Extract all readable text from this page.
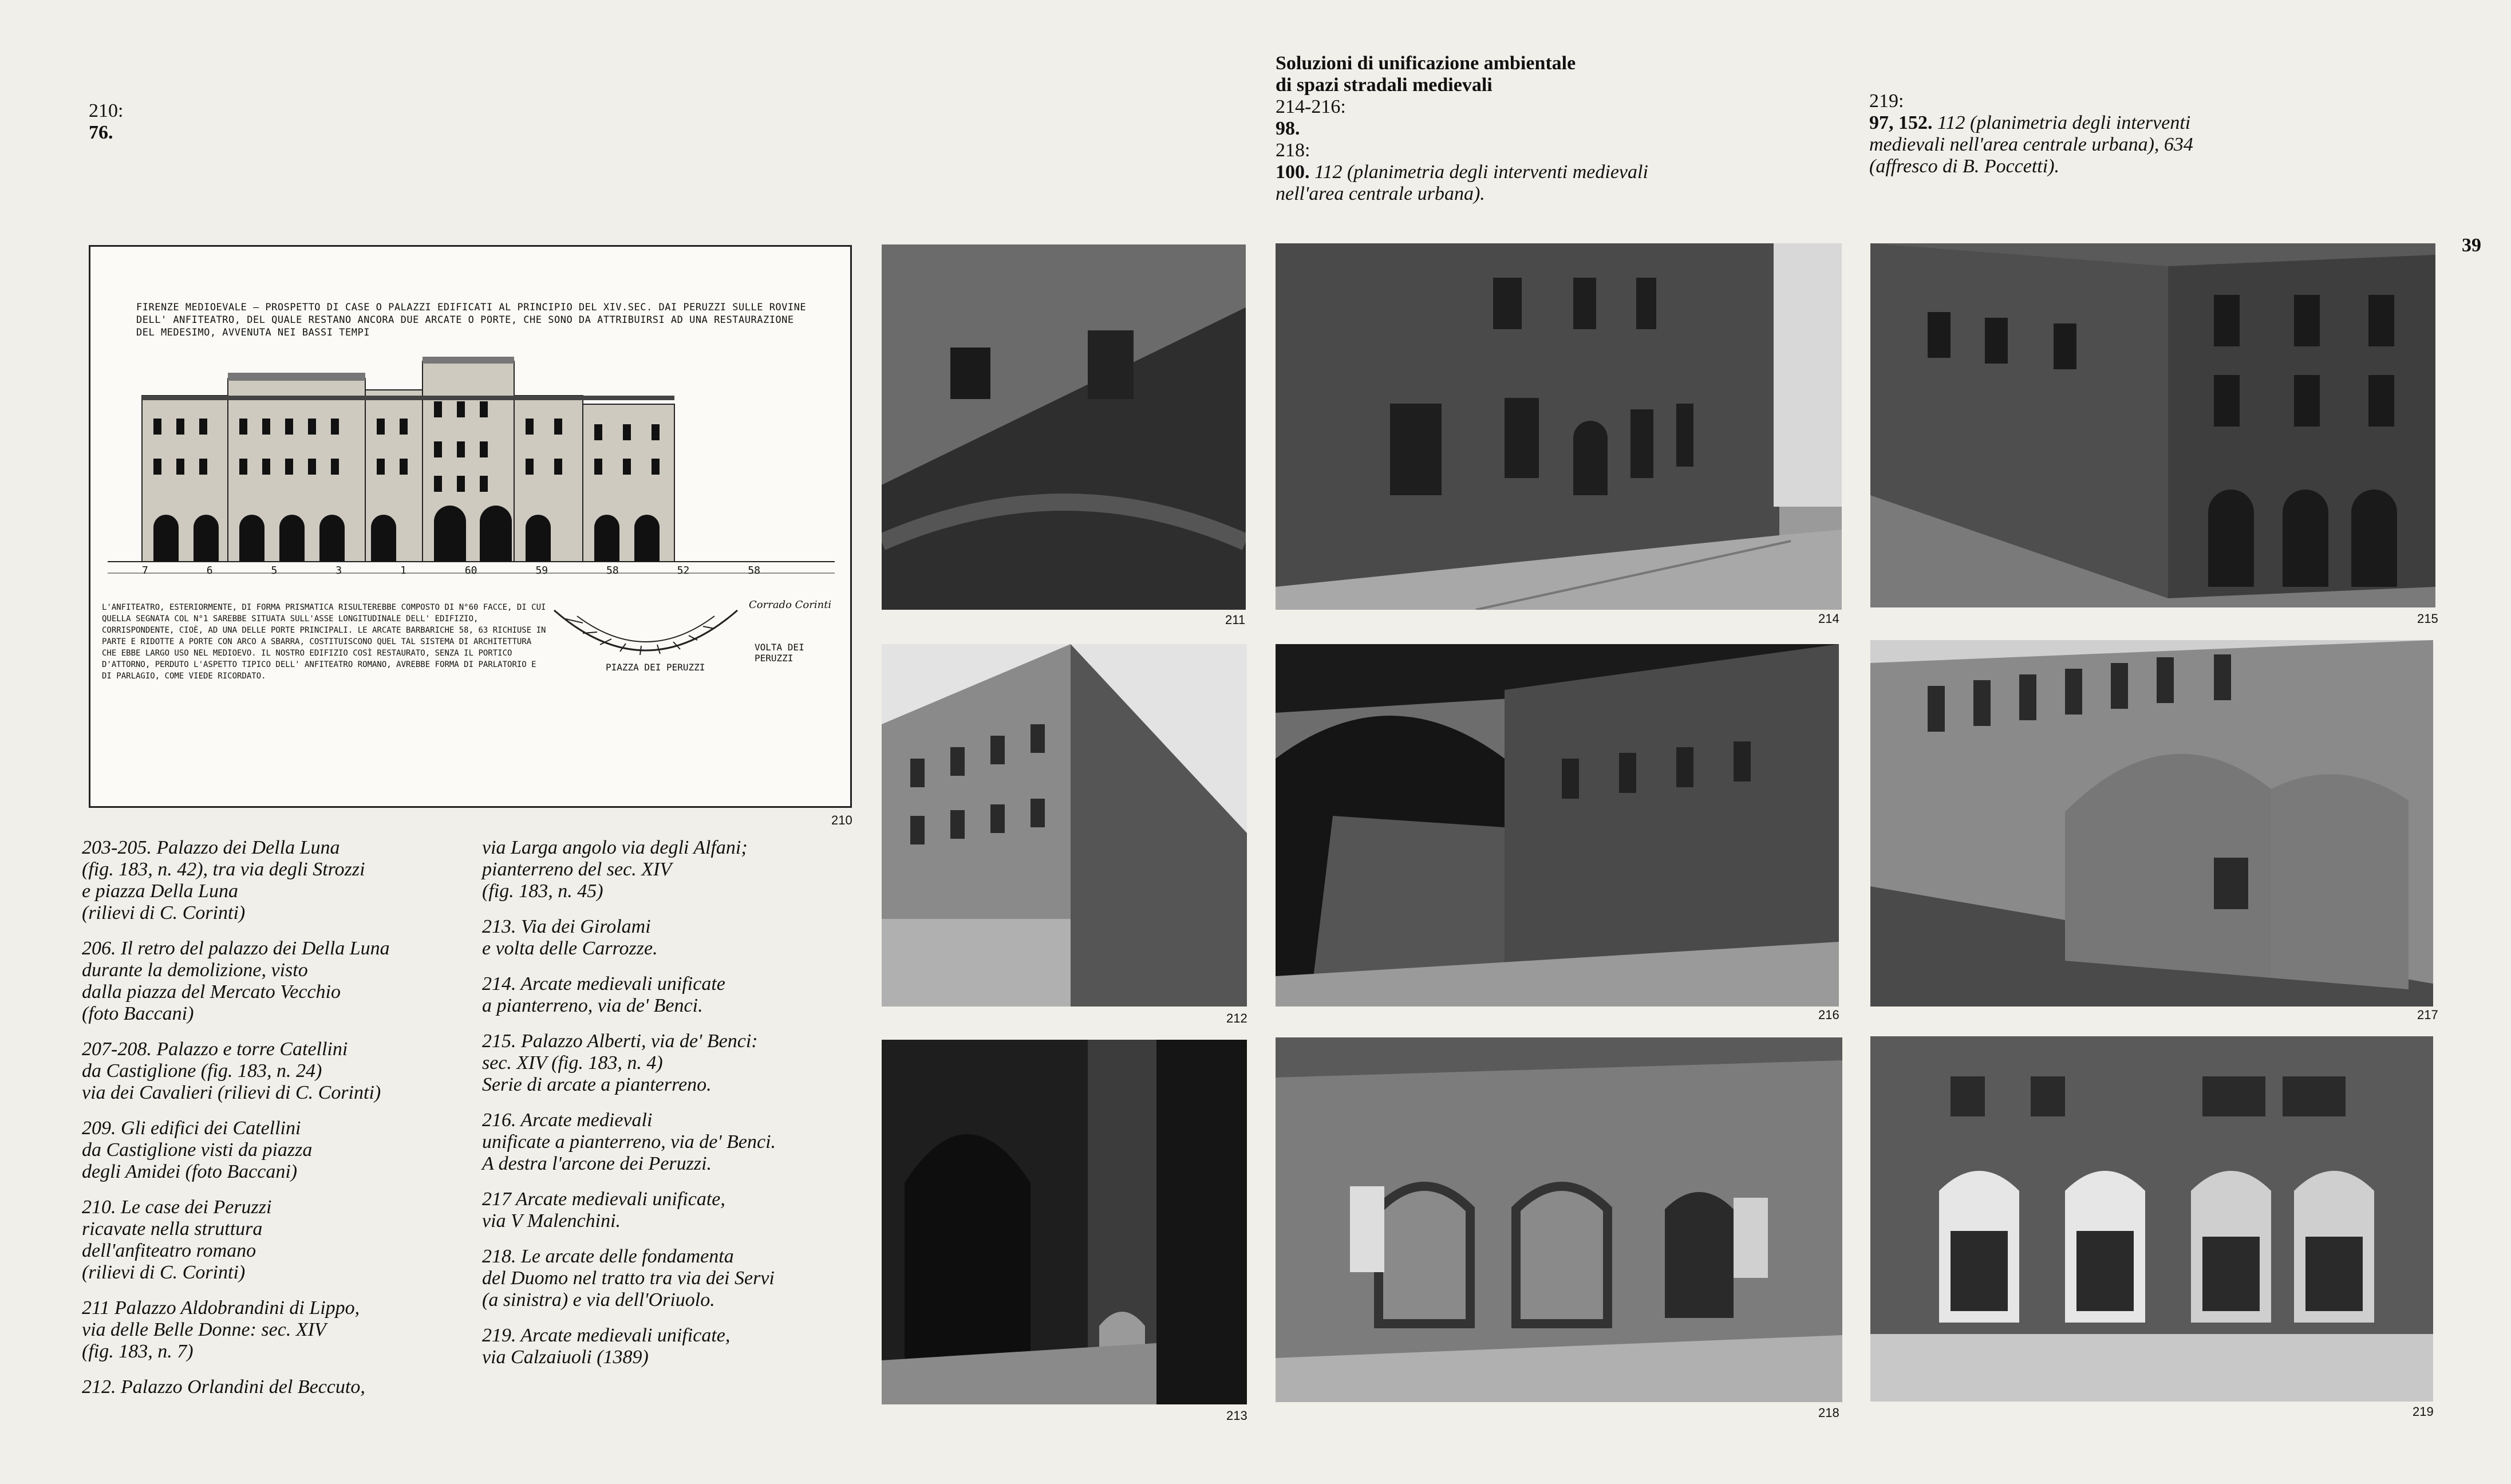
39
210:
76.
Soluzioni di unificazione ambientale
di spazi stradali medievali
214-216:
98.
218:
100. 112 (planimetria degli interventi medievali nell'area centrale urbana).
219:
97, 152. 112 (planimetria degli interventi medievali nell'area centrale urbana), 634 (affresco di B. Poccetti).
FIRENZE MEDIOEVALE — PROSPETTO DI CASE O PALAZZI EDIFICATI AL PRINCIPIO DEL XIV.SEC. DAI PERUZZI SULLE ROVINE DELL' ANFITEATRO, DEL QUALE RESTANO ANCORA DUE ARCATE O PORTE, CHE SONO DA ATTRIBUIRSI AD UNA RESTAURAZIONE DEL MEDESIMO, AVVENUTA NEI BASSI TEMPI
7	6	5	3	1	60	59	58	52	58
L'ANFITEATRO, ESTERIORMENTE, DI FORMA PRISMATICA RISULTEREBBE COMPOSTO DI N°60 FACCE, DI CUI QUELLA SEGNATA COL N°1 SAREBBE SITUATA SULL'ASSE LONGITUDINALE DELL' EDIFIZIO, CORRISPONDENTE, CIOÈ, AD UNA DELLE PORTE PRINCIPALI. LE ARCATE BARBARICHE 58, 63 RICHIUSE IN PARTE E RIDOTTE A PORTE CON ARCO A SBARRA, COSTITUISCONO QUEL TAL SISTEMA DI ARCHITETTURA CHE EBBE LARGO USO NEL MEDIOEVO. IL NOSTRO EDIFIZIO COSÌ RESTAURATO, SENZA IL PORTICO D'ATTORNO, PERDUTO L'ASPETTO TIPICO DELL' ANFITEATRO ROMANO, AVREBBE FORMA DI PARLATORIO E DI PARLAGIO, COME VIEDE RICORDATO.
PIAZZA DEI PERUZZI
VOLTA DEI PERUZZI
Corrado Corinti
210
211	214	215
212	216	217
213	218	219
203-205. Palazzo dei Della Luna
(fig. 183, n. 42), tra via degli Strozzi
e piazza Della Luna
(rilievi di C. Corinti)
206. Il retro del palazzo dei Della Luna
durante la demolizione, visto
dalla piazza del Mercato Vecchio
(foto Baccani)
207-208. Palazzo e torre Catellini
da Castiglione (fig. 183, n. 24)
via dei Cavalieri (rilievi di C. Corinti)
209. Gli edifici dei Catellini
da Castiglione visti da piazza
degli Amidei (foto Baccani)
210. Le case dei Peruzzi
ricavate nella struttura
dell'anfiteatro romano
(rilievi di C. Corinti)
211 Palazzo Aldobrandini di Lippo,
via delle Belle Donne: sec. XIV
(fig. 183, n. 7)
212. Palazzo Orlandini del Beccuto,
via Larga angolo via degli Alfani;
pianterreno del sec. XIV
(fig. 183, n. 45)
213. Via dei Girolami
e volta delle Carrozze.
214. Arcate medievali unificate
a pianterreno, via de' Benci.
215. Palazzo Alberti, via de' Benci:
sec. XIV (fig. 183, n. 4)
Serie di arcate a pianterreno.
216. Arcate medievali
unificate a pianterreno, via de' Benci.
A destra l'arcone dei Peruzzi.
217 Arcate medievali unificate,
via V Malenchini.
218. Le arcate delle fondamenta
del Duomo nel tratto tra via dei Servi
(a sinistra) e via dell'Oriuolo.
219. Arcate medievali unificate,
via Calzaiuoli (1389)
